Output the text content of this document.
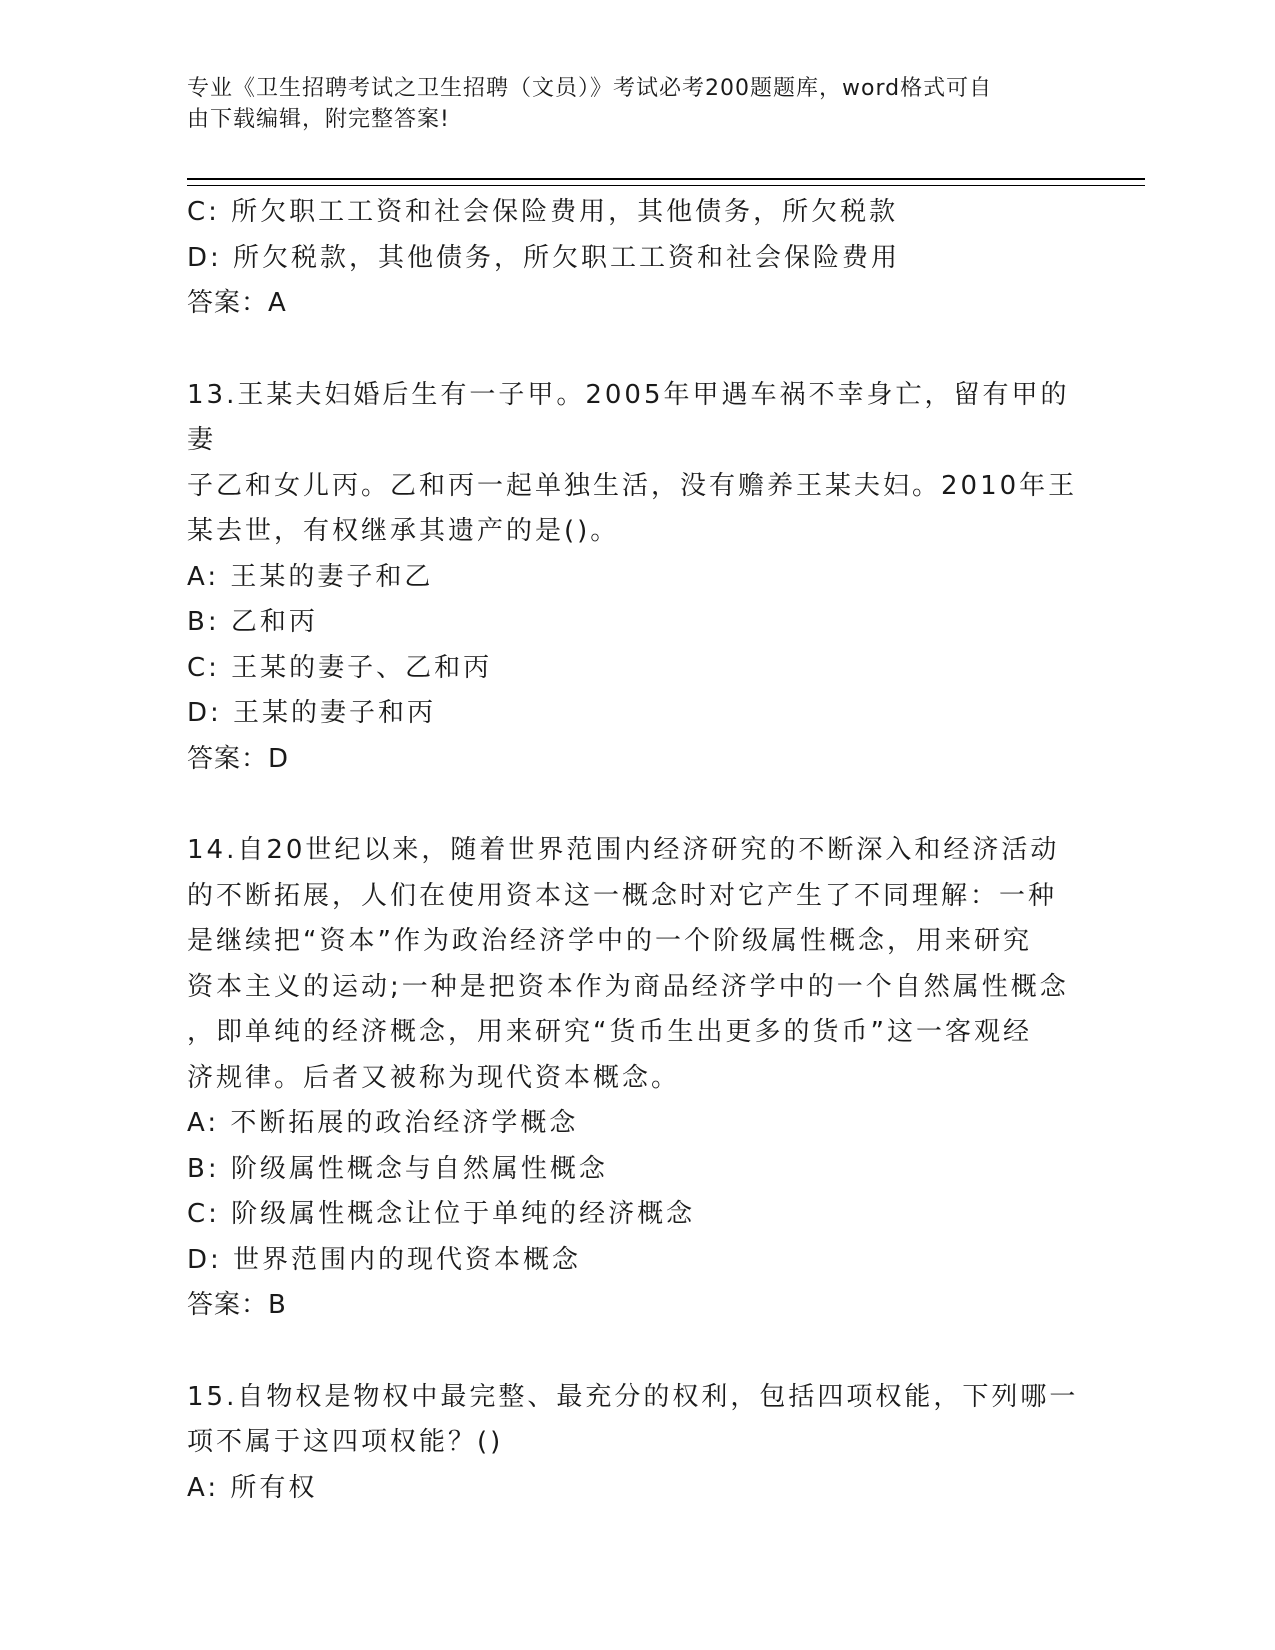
专业《卫生招聘考试之卫生招聘（文员）》考试必考200题题库，word格式可自
由下载编辑，附完整答案!
C: 所欠职工工资和社会保险费用，其他债务，所欠税款
D: 所欠税款，其他债务，所欠职工工资和社会保险费用
答案：A
13.王某夫妇婚后生有一子甲。2005年甲遇车祸不幸身亡，留有甲的妻
子乙和女儿丙。乙和丙一起单独生活，没有赡养王某夫妇。2010年王
某去世，有权继承其遗产的是()。
A: 王某的妻子和乙
B: 乙和丙
C: 王某的妻子、乙和丙
D: 王某的妻子和丙
答案：D
14.自20世纪以来，随着世界范围内经济研究的不断深入和经济活动
的不断拓展，人们在使用资本这一概念时对它产生了不同理解：一种
是继续把“资本”作为政治经济学中的一个阶级属性概念，用来研究
资本主义的运动;一种是把资本作为商品经济学中的一个自然属性概念
，即单纯的经济概念，用来研究“货币生出更多的货币”这一客观经
济规律。后者又被称为现代资本概念。
A: 不断拓展的政治经济学概念
B: 阶级属性概念与自然属性概念
C: 阶级属性概念让位于单纯的经济概念
D: 世界范围内的现代资本概念
答案：B
15.自物权是物权中最完整、最充分的权利，包括四项权能，下列哪一
项不属于这四项权能？()
A: 所有权
